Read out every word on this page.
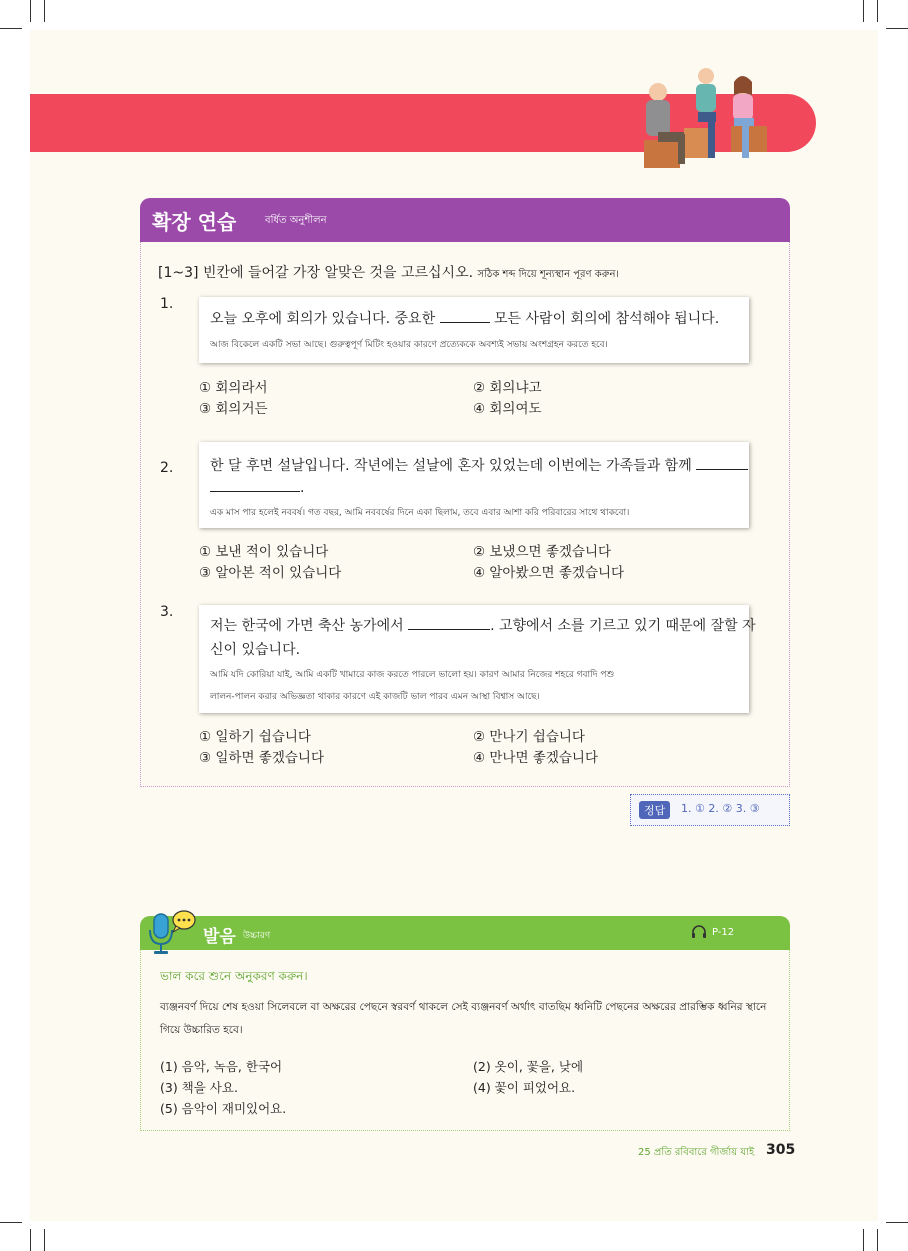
확장 연습	বর্ধিত অনুশীলন
[1~3] 빈칸에 들어갈 가장 알맞은 것을 고르십시오. সঠিক শব্দ দিয়ে শূন্যস্থান পূরণ করুন।
1.
오늘 오후에 회의가 있습니다. 중요한	모든 사람이 회의에 참석해야 됩니다.
আজ বিকেলে একটি সভা আছে। গুরুত্বপূর্ণ মিটিং হওয়ার কারণে প্রত্যেককে অবশ্যই সভায় অংশগ্রহন করতে হবে।
① 회의라서	② 회의냐고
③ 회의거든	④ 회의여도
2.	한 달 후면 설날입니다. 작년에는 설날에 혼자 있었는데 이번에는 가족들과 함께
.
এক মাস পার হলেই নববর্ষ। গত বছর, আমি নববর্ষের দিনে একা ছিলাম, তবে এবার আশা করি পরিবারের সাথে থাকবো।
① 보낸 적이 있습니다	② 보냈으면 좋겠습니다
③ 알아본 적이 있습니다	④ 알아봤으면 좋겠습니다
3.
저는 한국에 가면 축산 농가에서	. 고향에서 소를 기르고 있기 때문에 잘할 자
신이 있습니다.
আমি যদি কোরিয়া যাই, আমি একটি খামারে কাজ করতে পারলে ভালো হয়। কারণ আমার নিজের শহরে গবাদি পশু
লালন-পালন করার অভিজ্ঞতা থাকার কারণে এই কাজটি ভাল পারব এমন আস্থা বিশ্বাস আছে।
① 일하기 쉽습니다	② 만나기 쉽습니다
③ 일하면 좋겠습니다	④ 만나면 좋겠습니다
정답	1. ① 2. ② 3. ③
발음 উচ্চারণ	P-12
ভাল করে শুনে অনুকরণ করুন।
ব্যঞ্জনবর্ণ দিয়ে শেষ হওয়া সিলেবলে বা অক্ষরের পেছনে স্বরবর্ণ থাকলে সেই ব্যঞ্জনবর্ণ অর্থাৎ বাতছিম ধ্বনিটি পেছনের অক্ষরের প্রারম্ভিক ধ্বনির স্থানে গিয়ে উচ্চারিত হবে।
(1) 음악, 녹음, 한국어	(2) 옷이, 꽃을, 낮에
(3) 책을 사요.	(4) 꽃이 피었어요.
(5) 음악이 재미있어요.
25 প্রতি রবিবারে গীর্জায় যাই 305
